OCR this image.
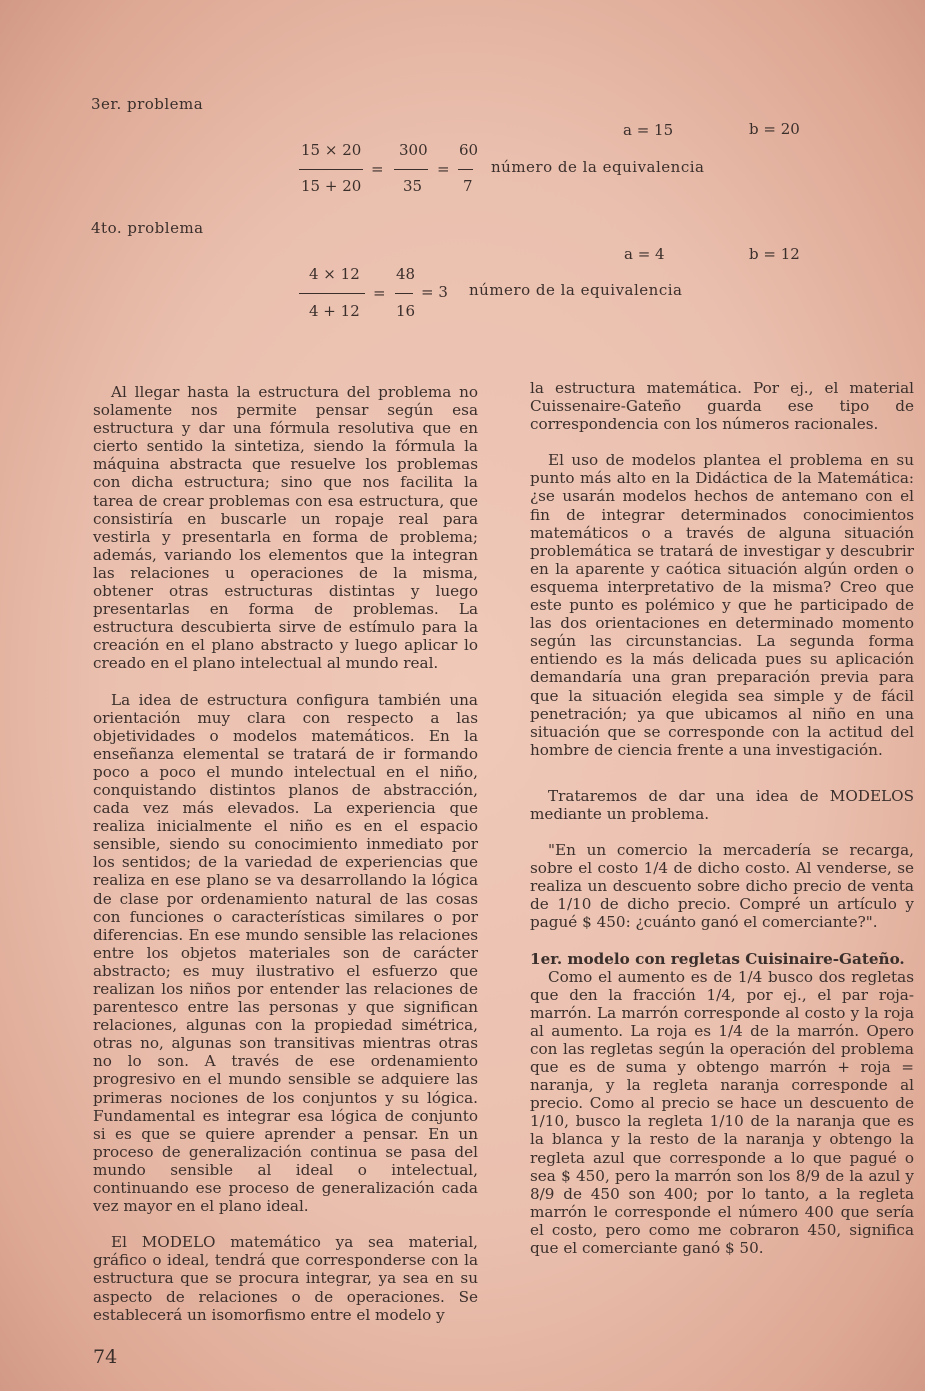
3er. problema
a = 15	b = 20
15 × 20	300 60
=	=	número de la equivalencia
15 + 20	35	7
4to. problema
a = 4	b = 12
4 × 12 48
= = 3 número de la equivalencia
4 + 12 16

Al llegar hasta la estructura del problema no solamente nos permite pensar según esa estructura y dar una fórmula resolutiva que en cierto sentido la sintetiza, siendo la fórmula la máquina abstracta que resuelve los problemas con dicha estructura; sino que nos facilita la tarea de crear problemas con esa estructura, que consistiría en buscarle un ropaje real para vestirla y presentarla en forma de problema; además, variando los elementos que la integran las relaciones u operaciones de la misma, obtener otras estructuras distintas y luego presentarlas en forma de problemas. La estructura descubierta sirve de estímulo para la creación en el plano abstracto y luego aplicar lo creado en el plano intelectual al mundo real.

La idea de estructura configura también una orientación muy clara con respecto a las objetividades o modelos matemáticos. En la enseñanza elemental se tratará de ir formando poco a poco el mundo intelectual en el niño, conquistando distintos planos de abstracción, cada vez más elevados. La experiencia que realiza inicialmente el niño es en el espacio sensible, siendo su conocimiento inmediato por los sentidos; de la variedad de experiencias que realiza en ese plano se va desarrollando la lógica de clase por ordenamiento natural de las cosas con funciones o características similares o por diferencias. En ese mundo sensible las relaciones entre los objetos materiales son de carácter abstracto; es muy ilustrativo el esfuerzo que realizan los niños por entender las relaciones de parentesco entre las personas y que significan relaciones, algunas con la propiedad simétrica, otras no, algunas son transitivas mientras otras no lo son. A través de ese ordenamiento progresivo en el mundo sensible se adquiere las primeras nociones de los conjuntos y su lógica. Fundamental es integrar esa lógica de conjunto si es que se quiere aprender a pensar. En un proceso de generalización continua se pasa del mundo sensible al ideal o intelectual, continuando ese proceso de generalización cada vez mayor en el plano ideal.

El MODELO matemático ya sea material, gráfico o ideal, tendrá que corresponderse con la estructura que se procura integrar, ya sea en su aspecto de relaciones o de operaciones. Se establecerá un isomorfismo entre el modelo y

la estructura matemática. Por ej., el material Cuissenaire-Gateño guarda ese tipo de correspondencia con los números racionales.

El uso de modelos plantea el problema en su punto más alto en la Didáctica de la Matemática: ¿se usarán modelos hechos de antemano con el fin de integrar determinados conocimientos matemáticos o a través de alguna situación problemática se tratará de investigar y descubrir en la aparente y caótica situación algún orden o esquema interpretativo de la misma? Creo que este punto es polémico y que he participado de las dos orientaciones en determinado momento según las circunstancias. La segunda forma entiendo es la más delicada pues su aplicación demandaría una gran preparación previa para que la situación elegida sea simple y de fácil penetración; ya que ubicamos al niño en una situación que se corresponde con la actitud del hombre de ciencia frente a una investigación.

Trataremos de dar una idea de MODELOS mediante un problema.

"En un comercio la mercadería se recarga, sobre el costo 1/4 de dicho costo. Al venderse, se realiza un descuento sobre dicho precio de venta de 1/10 de dicho precio. Compré un artículo y pagué $ 450: ¿cuánto ganó el comerciante?".

1er. modelo con regletas Cuisinaire-Gateño.

Como el aumento es de 1/4 busco dos regletas que den la fracción 1/4, por ej., el par roja-marrón. La marrón corresponde al costo y la roja al aumento. La roja es 1/4 de la marrón. Opero con las regletas según la operación del problema que es de suma y obtengo marrón + roja = naranja, y la regleta naranja corresponde al precio. Como al precio se hace un descuento de 1/10, busco la regleta 1/10 de la naranja que es la blanca y la resto de la naranja y obtengo la regleta azul que corresponde a lo que pagué o sea $ 450, pero la marrón son los 8/9 de la azul y 8/9 de 450 son 400; por lo tanto, a la regleta marrón le corresponde el número 400 que sería el costo, pero como me cobraron 450, significa que el comerciante ganó $ 50.

74
